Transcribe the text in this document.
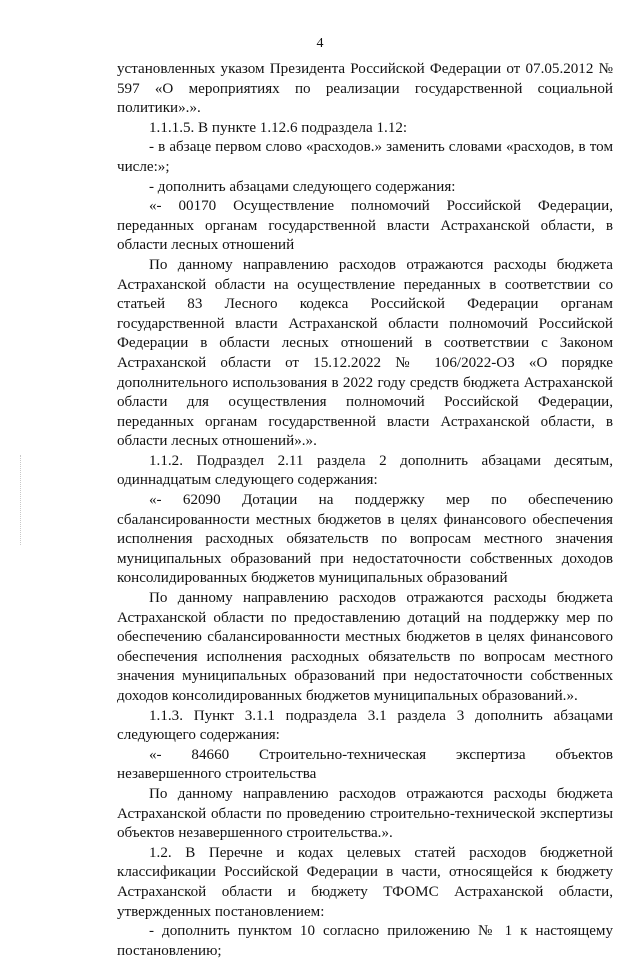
4

установленных указом Президента Российской Федерации от 07.05.2012 № 597 «О мероприятиях по реализации государственной социальной политики».».

1.1.1.5. В пункте 1.12.6 подраздела 1.12:

- в абзаце первом слово «расходов.» заменить словами «расходов, в том числе:»;

- дополнить абзацами следующего содержания:

«- 00170 Осуществление полномочий Российской Федерации, переданных органам государственной власти Астраханской области, в области лесных отношений

По данному направлению расходов отражаются расходы бюджета Астраханской области на осуществление переданных в соответствии со статьей 83 Лесного кодекса Российской Федерации органам государственной власти Астраханской области полномочий Российской Федерации в области лесных отношений в соответствии с Законом Астраханской области от 15.12.2022 № 106/2022-ОЗ «О порядке дополнительного использования в 2022 году средств бюджета Астраханской области для осуществления полномочий Российской Федерации, переданных органам государственной власти Астраханской области, в области лесных отношений».».

1.1.2. Подраздел 2.11 раздела 2 дополнить абзацами десятым, одиннадцатым следующего содержания:

«- 62090 Дотации на поддержку мер по обеспечению сбалансированности местных бюджетов в целях финансового обеспечения исполнения расходных обязательств по вопросам местного значения муниципальных образований при недостаточности собственных доходов консолидированных бюджетов муниципальных образований

По данному направлению расходов отражаются расходы бюджета Астраханской области по предоставлению дотаций на поддержку мер по обеспечению сбалансированности местных бюджетов в целях финансового обеспечения исполнения расходных обязательств по вопросам местного значения муниципальных образований при недостаточности собственных доходов консолидированных бюджетов муниципальных образований.».

1.1.3. Пункт 3.1.1 подраздела 3.1 раздела 3 дополнить абзацами следующего содержания:

«- 84660 Строительно-техническая экспертиза объектов незавершенного строительства

По данному направлению расходов отражаются расходы бюджета Астраханской области по проведению строительно-технической экспертизы объектов незавершенного строительства.».

1.2. В Перечне и кодах целевых статей расходов бюджетной классификации Российской Федерации в части, относящейся к бюджету Астраханской области и бюджету ТФОМС Астраханской области, утвержденных постановлением:

- дополнить пунктом 10 согласно приложению № 1 к настоящему постановлению;
